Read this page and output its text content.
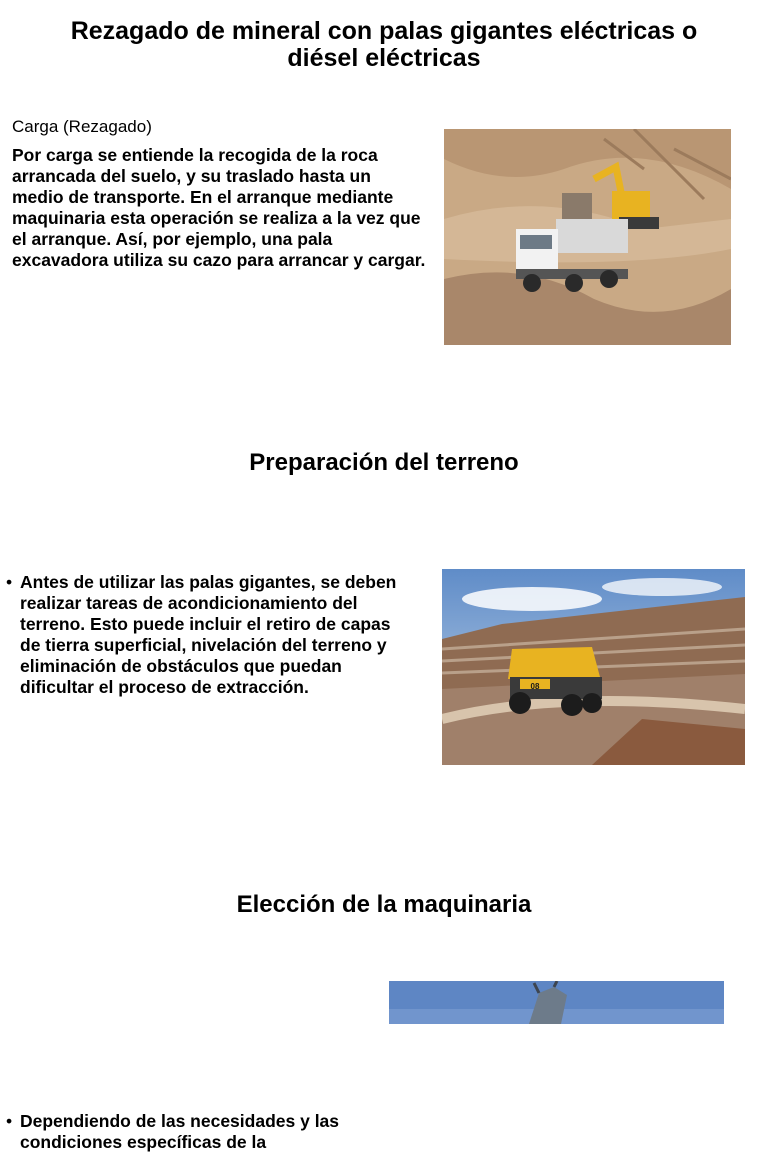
Rezagado de mineral con palas gigantes eléctricas o diésel eléctricas
Carga (Rezagado)

Por carga se entiende la recogida de la roca arrancada del suelo, y su traslado hasta un medio de transporte. En el arranque mediante maquinaria esta operación se realiza a la vez que el arranque. Así, por ejemplo, una pala excavadora utiliza su cazo para arrancar y cargar.

Preparación del terreno
• Antes de utilizar las palas gigantes, se deben realizar tareas de acondicionamiento del terreno. Esto puede incluir el retiro de capas de tierra superficial, nivelación del terreno y eliminación de obstáculos que puedan dificultar el proceso de extracción.	08
Elección de la maquinaria
• Dependiendo de las necesidades y las condiciones específicas de la
